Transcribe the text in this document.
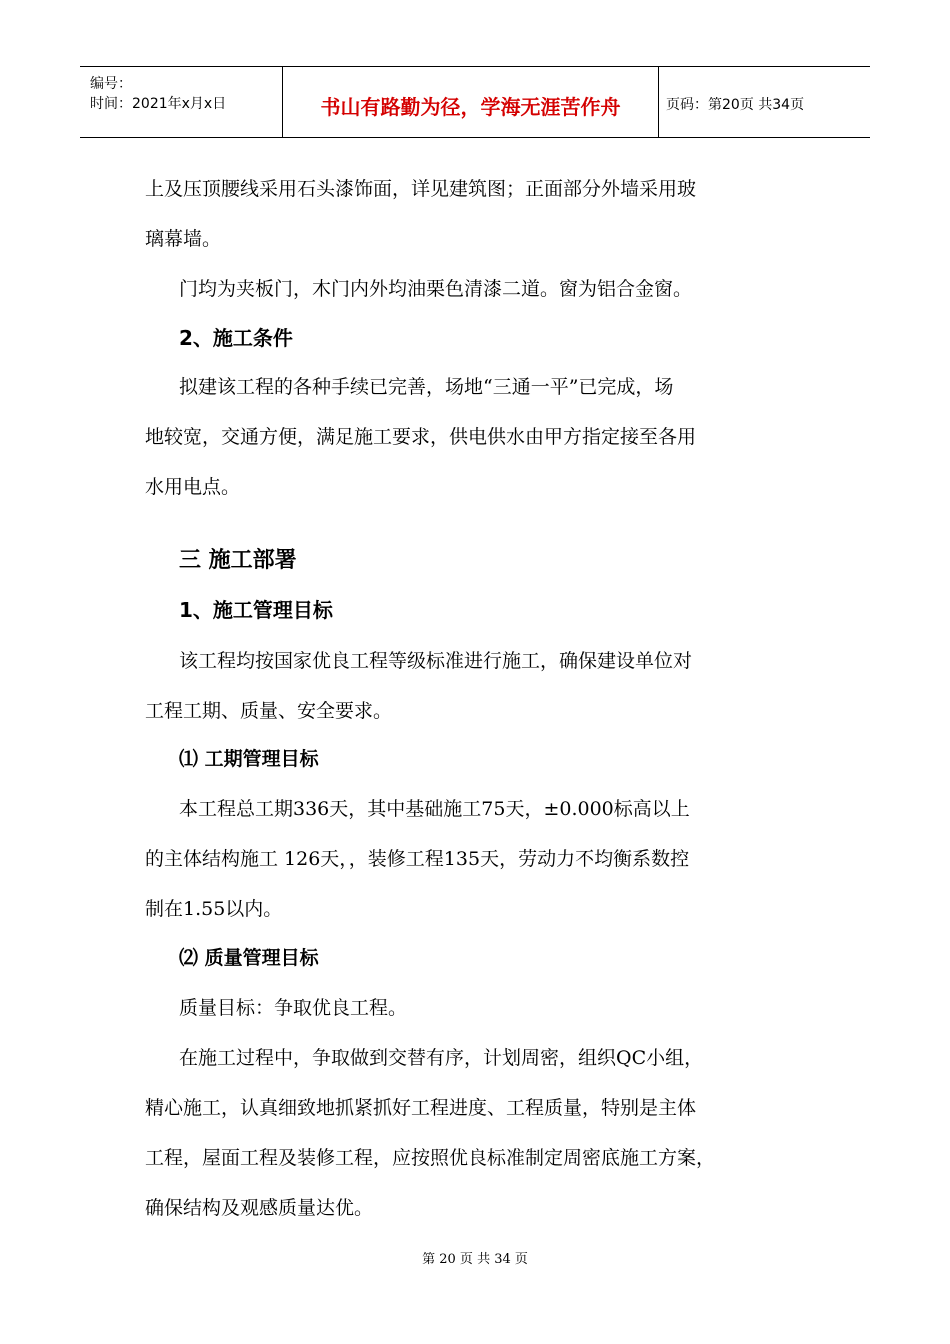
编号：
时间：2021年x月x日	书山有路勤为径，学海无涯苦作舟	页码：第20页 共34页
上及压顶腰线采用石头漆饰面，详见建筑图；正面部分外墙采用玻
璃幕墙。
门均为夹板门，木门内外均油栗色清漆二道。窗为铝合金窗。
2、施工条件
拟建该工程的各种手续已完善，场地“三通一平”已完成，场
地较宽，交通方便，满足施工要求，供电供水由甲方指定接至各用
水用电点。
三 施工部署
1、施工管理目标
该工程均按国家优良工程等级标准进行施工，确保建设单位对
工程工期、质量、安全要求。
⑴ 工期管理目标
本工程总工期336天，其中基础施工75天，±0.000标高以上
的主体结构施工 126天，，装修工程135天，劳动力不均衡系数控
制在1.55以内。
⑵ 质量管理目标
质量目标：争取优良工程。
在施工过程中，争取做到交替有序，计划周密，组织QC小组，
精心施工，认真细致地抓紧抓好工程进度、工程质量，特别是主体
工程，屋面工程及装修工程，应按照优良标准制定周密底施工方案，
确保结构及观感质量达优。
第 20 页 共 34 页
